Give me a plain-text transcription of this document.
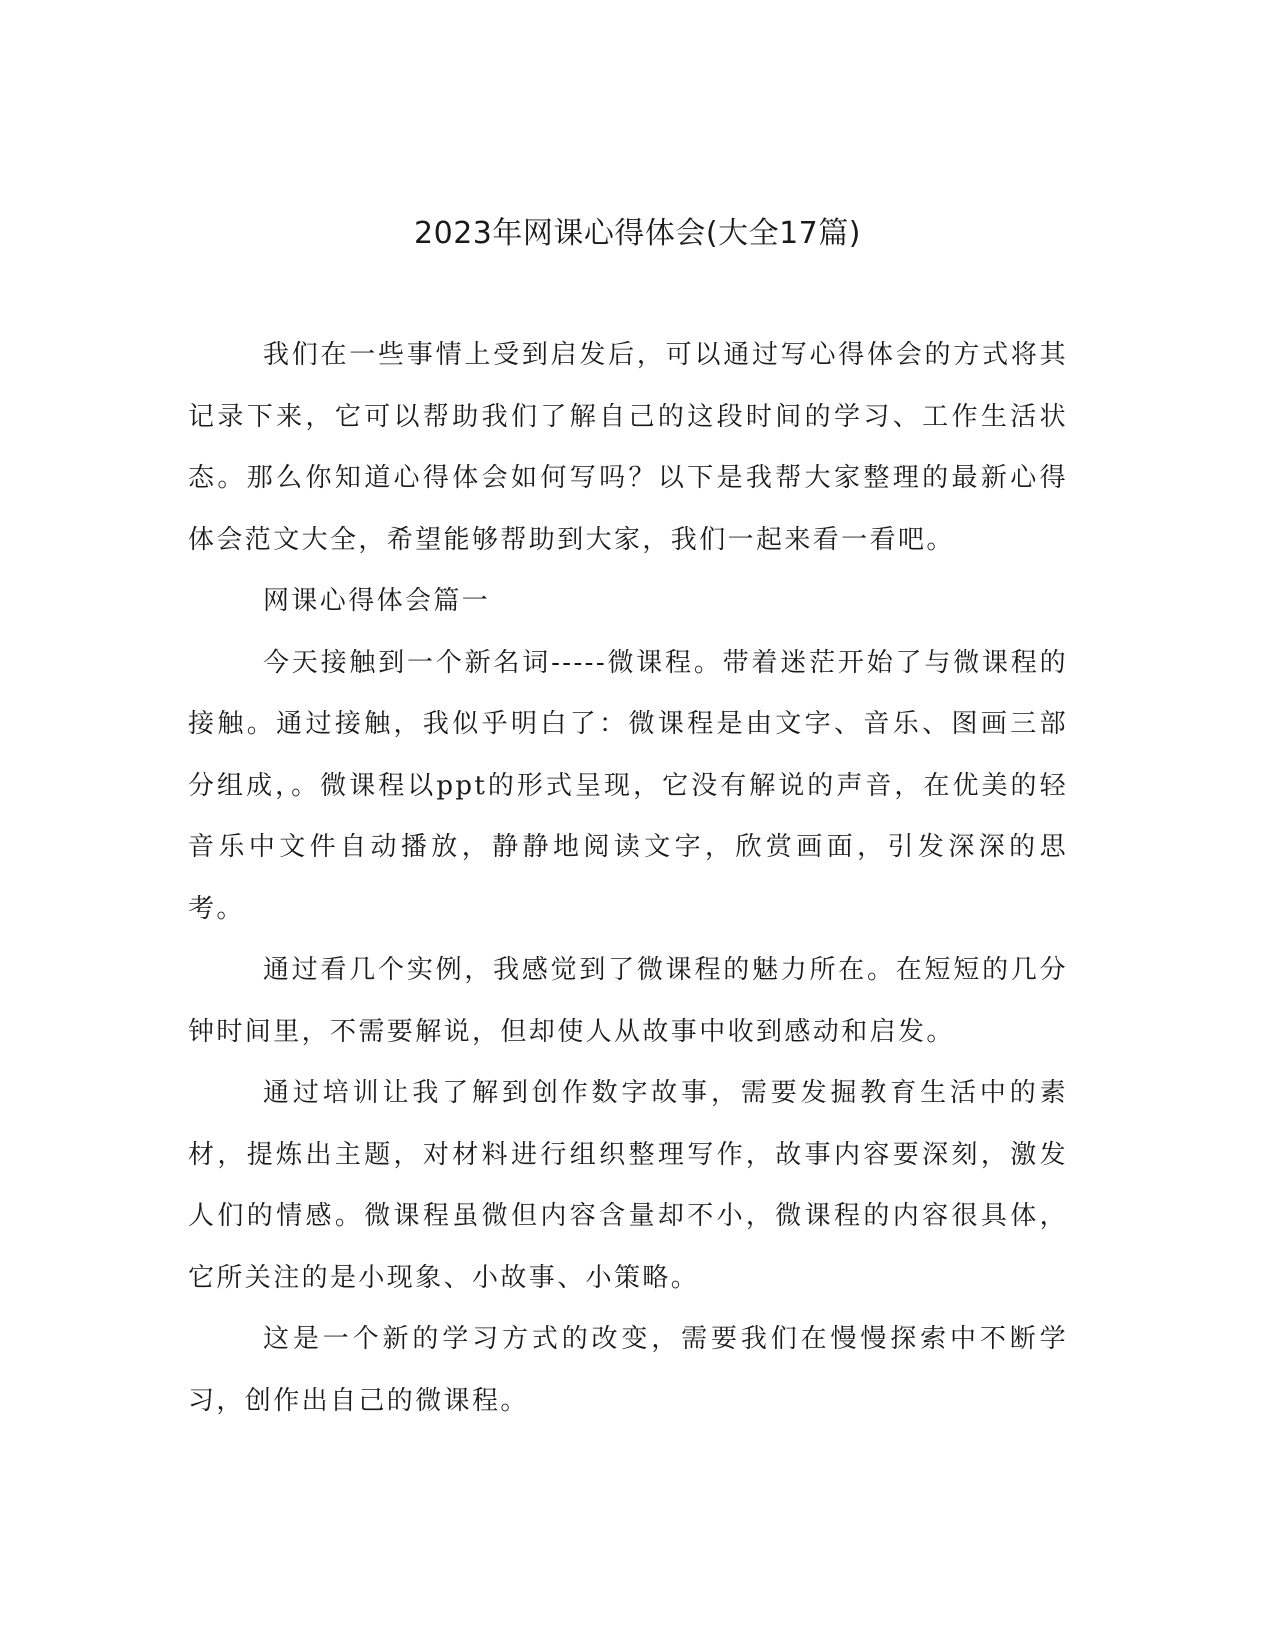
2023年网课心得体会(大全17篇)

我们在一些事情上受到启发后，可以通过写心得体会的方式将其记录下来，它可以帮助我们了解自己的这段时间的学习、工作生活状态。那么你知道心得体会如何写吗？以下是我帮大家整理的最新心得体会范文大全，希望能够帮助到大家，我们一起来看一看吧。

网课心得体会篇一

今天接触到一个新名词-----微课程。带着迷茫开始了与微课程的接触。通过接触，我似乎明白了：微课程是由文字、音乐、图画三部分组成，。微课程以ppt的形式呈现，它没有解说的声音，在优美的轻音乐中文件自动播放，静静地阅读文字，欣赏画面，引发深深的思考。

通过看几个实例，我感觉到了微课程的魅力所在。在短短的几分钟时间里，不需要解说，但却使人从故事中收到感动和启发。

通过培训让我了解到创作数字故事，需要发掘教育生活中的素材，提炼出主题，对材料进行组织整理写作，故事内容要深刻，激发人们的情感。微课程虽微但内容含量却不小，微课程的内容很具体，它所关注的是小现象、小故事、小策略。

这是一个新的学习方式的改变，需要我们在慢慢探索中不断学习，创作出自己的微课程。
